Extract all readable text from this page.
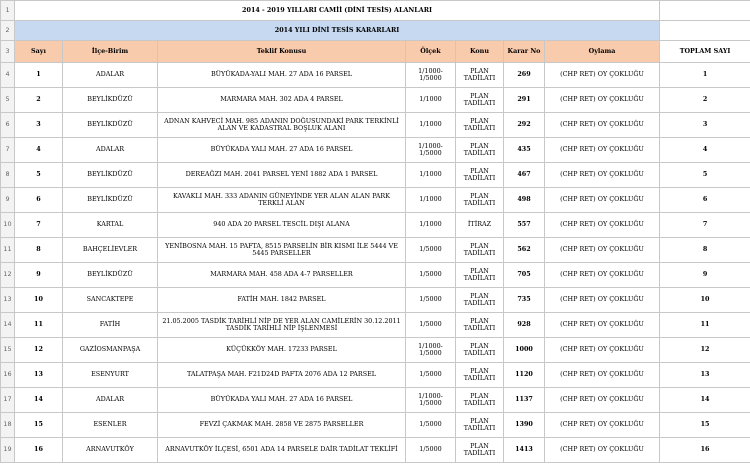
1	2014 - 2019 YILLARI CAMİİ (DİNİ TESİS) ALANLARI							
2	2014 YILI DİNİ TESİS KARARLARI							
3	Sayı	İlçe-Birim	Teklif Konusu	Ölçek	Konu	Karar No	Oylama	TOPLAM SAYI
4	1	ADALAR	BÜYÜKADA-YALI MAH. 27 ADA 16 PARSEL	1/1000-1/5000	PLAN TADİLATI	269	(CHP RET) OY ÇOKLUĞU	1
5	2	BEYLİKDÜZÜ	MARMARA MAH. 302 ADA 4 PARSEL	1/1000	PLAN TADİLATI	291	(CHP RET) OY ÇOKLUĞU	2
6	3	BEYLİKDÜZÜ	ADNAN KAHVECİ MAH. 985 ADANIN DOĞUSUNDAKİ PARK TERKİNLİ ALAN VE KADASTRAL BOŞLUK ALANI	1/1000	PLAN TADİLATI	292	(CHP RET) OY ÇOKLUĞU	3
7	4	ADALAR	BÜYÜKADA YALI MAH. 27 ADA 16 PARSEL	1/1000-1/5000	PLAN TADİLATI	435	(CHP RET) OY ÇOKLUĞU	4
8	5	BEYLİKDÜZÜ	DEREAĞZI MAH. 2041 PARSEL YENİ 1882 ADA 1 PARSEL	1/1000	PLAN TADİLATI	467	(CHP RET) OY ÇOKLUĞU	5
9	6	BEYLİKDÜZÜ	KAVAKLI MAH. 333 ADANIN GÜNEYİNDE YER ALAN ALAN PARK TERKLİ ALAN	1/1000	PLAN TADİLATI	498	(CHP RET) OY ÇOKLUĞU	6
10	7	KARTAL	940 ADA 20 PARSEL TESCİL DIŞI ALANA	1/1000	İTİRAZ	557	(CHP RET) OY ÇOKLUĞU	7
11	8	BAHÇELİEVLER	YENİBOSNA MAH. 15 PAFTA, 8515 PARSELİN BİR KISMI İLE 5444 VE 5445 PARSELLER	1/5000	PLAN TADİLATI	562	(CHP RET) OY ÇOKLUĞU	8
12	9	BEYLİKDÜZÜ	MARMARA MAH. 458 ADA 4-7 PARSELLER	1/5000	PLAN TADİLATI	705	(CHP RET) OY ÇOKLUĞU	9
13	10	SANCAKTEPE	FATİH MAH. 1842 PARSEL	1/5000	PLAN TADİLATI	735	(CHP RET) OY ÇOKLUĞU	10
14	11	FATİH	21.05.2005 TASDİK TARİHLİ NİP DE YER ALAN CAMİLERİN 30.12.2011 TASDİK TARİHLİ NİP İŞLENMESİ	1/5000	PLAN TADİLATI	928	(CHP RET) OY ÇOKLUĞU	11
15	12	GAZİOSMANPAŞA	KÜÇÜKKÖY MAH. 17233 PARSEL	1/1000-1/5000	PLAN TADİLATI	1000	(CHP RET) OY ÇOKLUĞU	12
16	13	ESENYURT	TALATPAŞA MAH. F21D24D PAFTA 2076 ADA 12 PARSEL	1/5000	PLAN TADİLATI	1120	(CHP RET) OY ÇOKLUĞU	13
17	14	ADALAR	BÜYÜKADA YALI MAH. 27 ADA 16 PARSEL	1/1000-1/5000	PLAN TADİLATI	1137	(CHP RET) OY ÇOKLUĞU	14
18	15	ESENLER	FEVZİ ÇAKMAK MAH. 2858 VE 2875 PARSELLER	1/5000	PLAN TADİLATI	1390	(CHP RET) OY ÇOKLUĞU	15
19	16	ARNAVUTKÖY	ARNAVUTKÖY İLÇESİ, 6501 ADA 14 PARSELE DAİR TADİLAT TEKLİFİ	1/5000	PLAN TADİLATI	1413	(CHP RET) OY ÇOKLUĞU	16
